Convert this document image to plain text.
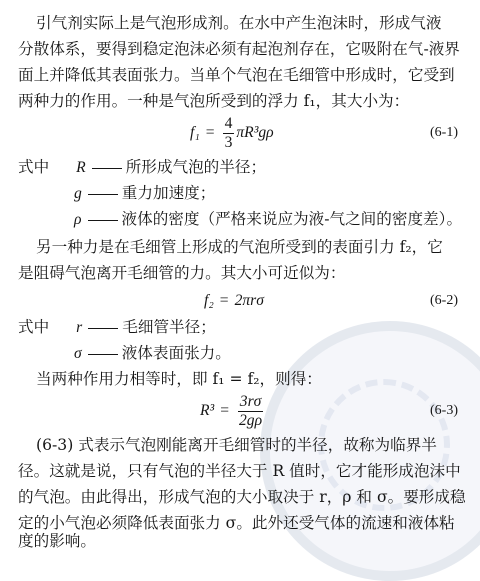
引气剂实际上是气泡形成剂。在水中产生泡沫时，形成气液
分散体系，要得到稳定泡沫必须有起泡剂存在，它吸附在气-液界
面上并降低其表面张力。当单个气泡在毛细管中形成时，它受到
两种力的作用。一种是气泡所受到的浮力 f₁，其大小为：
$f_1 = \frac{4}{3} \pi R^3g\rho$	(6-1)
式中 R	所形成气泡的半径；
g	重力加速度；
ρ	液体的密度（严格来说应为液-气之间的密度差）。
另一种力是在毛细管上形成的气泡所受到的表面引力 f₂，它
是阻碍气泡离开毛细管的力。其大小可近似为：
f₂ = 2πrσ	(6-2)
式中 r	毛细管半径；
σ	液体表面张力。
当两种作用力相等时，即 f₁ = f₂，则得：
$R^3 = \frac{3r\sigma}{2g\rho}$	(6-3)
(6-3) 式表示气泡刚能离开毛细管时的半径，故称为临界半
径。这就是说，只有气泡的半径大于 R 值时，它才能形成泡沫中
的气泡。由此得出，形成气泡的大小取决于 r，ρ 和 σ。要形成稳
定的小气泡必须降低表面张力 σ。此外还受气体的流速和液体粘
度的影响。
